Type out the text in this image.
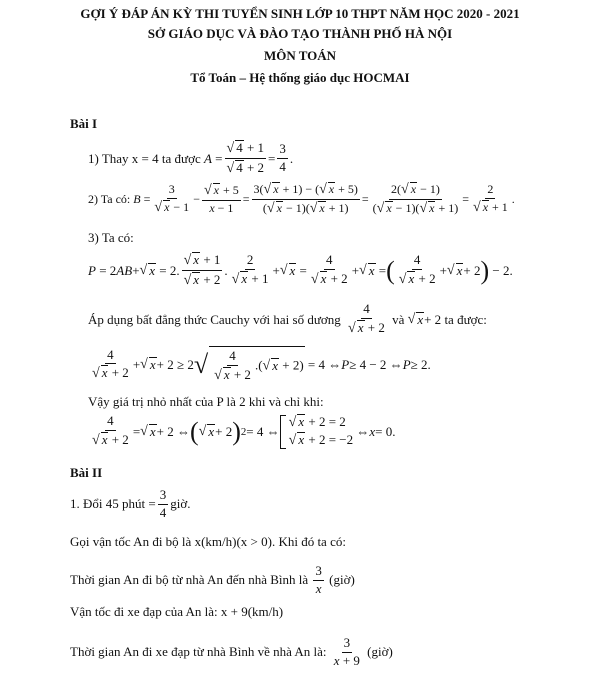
GỢI Ý ĐÁP ÁN KỲ THI TUYỂN SINH LỚP 10 THPT NĂM HỌC 2020 - 2021
SỞ GIÁO DỤC VÀ ĐÀO TẠO THÀNH PHỐ HÀ NỘI
MÔN TOÁN
Tổ Toán – Hệ thống giáo dục HOCMAI
Bài I
1) Thay x = 4 ta được
$A = \frac{√ 4 + 1}{√ 4 + 2} = \frac{3}{4}$ .
2) Ta có:
$B = \frac{3}{√ x - 1} - \frac{√ x + 5}{x - 1} = \frac{3(√ x + 1) - (√ x + 5)}{(√ x - 1)(√ x + 1)} = \frac{2(√ x - 1)}{(√ x - 1)(√ x + 1)} = \frac{2}{√ x + 1}$ .
3) Ta có:
P = 2 AB + √ x = 2. $\frac{√ x + 1}{√ x + 2}$ . $\frac{2}{√ x + 1}$ + √ $x = \frac{4}{√ x + 2}$ + √ x = ( $\frac{4}{√ x + 2}$ + √ x + 2 ) − 2.
Áp dụng bất đẳng thức Cauchy với hai số dương
$\frac{4}{√ x + 2}$
và
√ x + 2 ta được:
$\frac{4}{√ x + 2}$ + √ x + 2 ≥ 2 √ $\frac{4}{√ x + 2}$ .(√ x + 2) = 4 ⇔ P ≥ 4 − 2 ⇔ P ≥ 2.
Vậy giá trị nhỏ nhất của P là 2 khi và chỉ khi:
$\frac{4}{√ x + 2}$ = √ x + 2 ⇔ ( √ x + 2 ) 2 = 4 ⇔
√ x + 2 = 2
√ x + 2 = −2
⇔ x = 0.
Bài II
1. Đổi 45 phút = $\frac{3}{4}$ giờ.
Gọi vận tốc An đi bộ là x(km/h)(x > 0). Khi đó ta có:
Thời gian An đi bộ từ nhà An đến nhà Bình là
$\frac{3}{x}$
(giờ)
Vận tốc đi xe đạp của An là: x + 9(km/h)
Thời gian An đi xe đạp từ nhà Bình về nhà An là:
$\frac{3}{x + 9}$
(giờ)
